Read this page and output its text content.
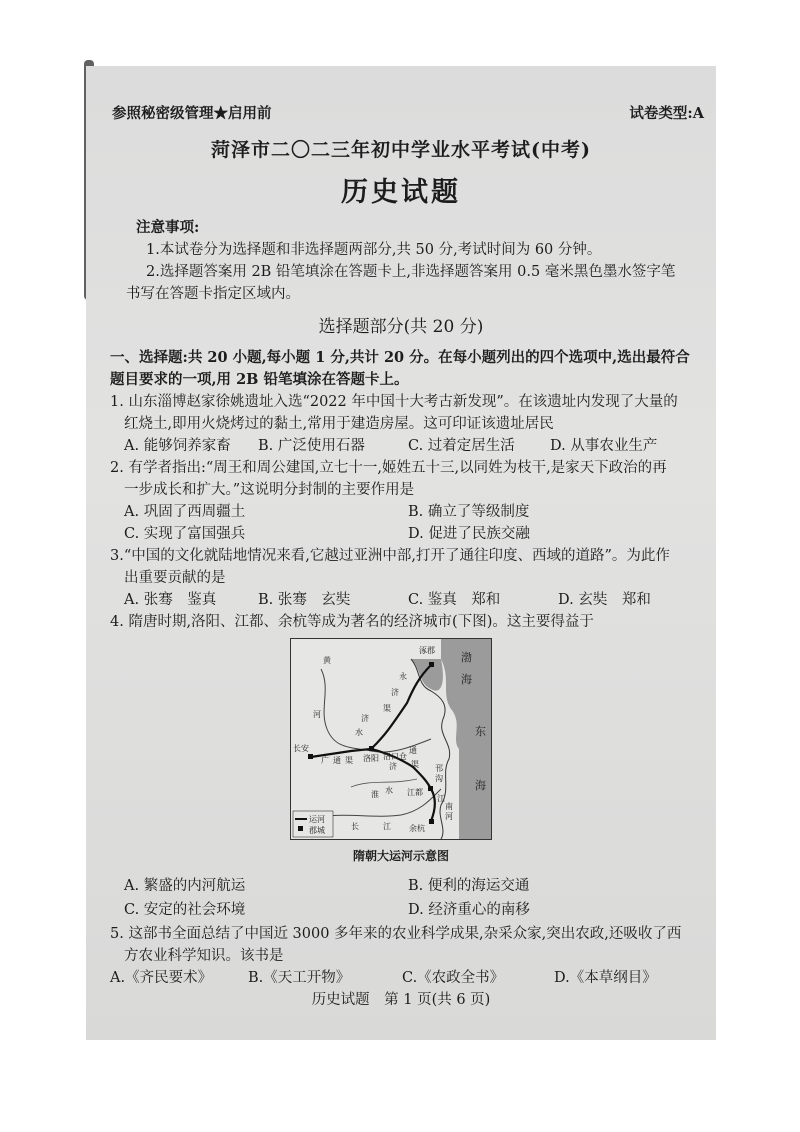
参照秘密级管理★启用前	试卷类型:A
菏泽市二〇二三年初中学业水平考试(中考)
历史试题
注意事项:
1.本试卷分为选择题和非选择题两部分,共 50 分,考试时间为 60 分钟。
2.选择题答案用 2B 铅笔填涂在答题卡上,非选择题答案用 0.5 毫米黑色墨水签字笔
书写在答题卡指定区域内。
选择题部分(共 20 分)
一、选择题:共 20 小题,每小题 1 分,共计 20 分。在每小题列出的四个选项中,选出最符合
题目要求的一项,用 2B 铅笔填涂在答题卡上。
1. 山东淄博赵家徐姚遗址入选“2022 年中国十大考古新发现”。在该遗址内发现了大量的
红烧土,即用火烧烤过的黏土,常用于建造房屋。这可印证该遗址居民
A. 能够饲养家畜 B. 广泛使用石器	C. 过着定居生活 D. 从事农业生产
2. 有学者指出:“周王和周公建国,立七十一,姬姓五十三,以同姓为枝干,是家天下政治的再
一步成长和扩大。”这说明分封制的主要作用是
A. 巩固了西周疆土	B. 确立了等级制度
C. 实现了富国强兵	D. 促进了民族交融
3.“中国的文化就陆地情况来看,它越过亚洲中部,打开了通往印度、西域的道路”。为此作
出重要贡献的是
A. 张骞　鉴真	B. 张骞　玄奘	C. 鉴真　郑和	D. 玄奘　郑和
4. 隋唐时期,洛阳、江都、余杭等成为著名的经济城市(下图)。这主要得益于
涿郡
渤
海
东
海
黄
河
永
济
渠
济
水
长安
洛阳 洛口仓
广 通 渠
通
济 渠
淮 水
邗
沟
江都
江
南
河
余杭
长	江
运河
郡城
隋朝大运河示意图
A. 繁盛的内河航运	B. 便利的海运交通
C. 安定的社会环境	D. 经济重心的南移
5. 这部书全面总结了中国近 3000 多年来的农业科学成果,杂采众家,突出农政,还吸收了西
方农业科学知识。该书是
A.《齐民要术》 B.《天工开物》	C.《农政全书》	D.《本草纲目》
历史试题　第 1 页(共 6 页)
